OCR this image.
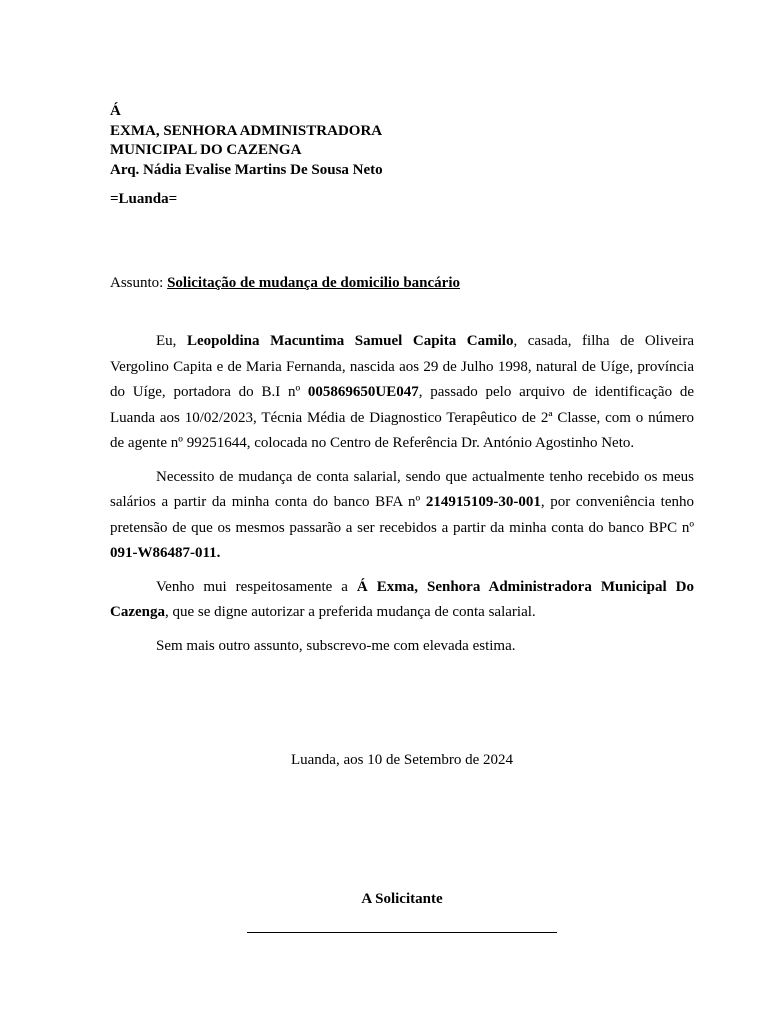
Á
EXMA, SENHORA ADMINISTRADORA
MUNICIPAL DO CAZENGA
Arq. Nádia Evalise Martins De Sousa Neto
=Luanda=
Assunto: Solicitação de mudança de domicilio bancário

Eu, Leopoldina Macuntima Samuel Capita Camilo, casada, filha de Oliveira Vergolino Capita e de Maria Fernanda, nascida aos 29 de Julho 1998, natural de Uíge, província do Uíge, portadora do B.I nº 005869650UE047, passado pelo arquivo de identificação de Luanda aos 10/02/2023, Técnia Média de Diagnostico Terapêutico de 2ª Classe, com o número de agente nº 99251644, colocada no Centro de Referência Dr. António Agostinho Neto.

Necessito de mudança de conta salarial, sendo que actualmente tenho recebido os meus salários a partir da minha conta do banco BFA nº 214915109-30-001, por conveniência tenho pretensão de que os mesmos passarão a ser recebidos a partir da minha conta do banco BPC nº 091-W86487-011.

Venho mui respeitosamente a Á Exma, Senhora Administradora Municipal Do Cazenga, que se digne autorizar a preferida mudança de conta salarial.

Sem mais outro assunto, subscrevo-me com elevada estima.

Luanda, aos 10 de Setembro de 2024
A Solicitante
